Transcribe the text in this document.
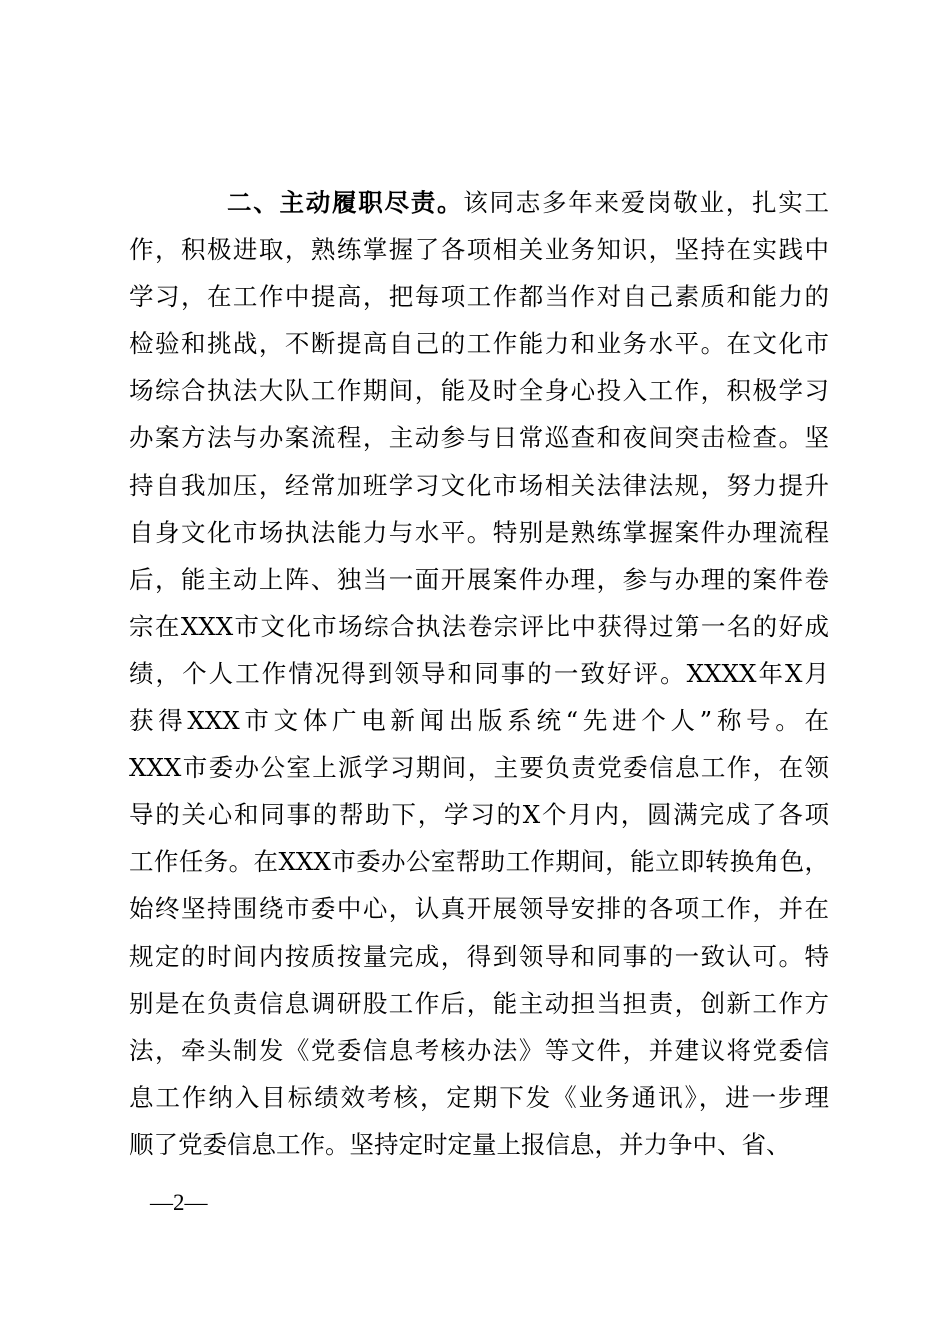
二、主动履职尽责。该同志多年来爱岗敬业，扎实工
作，积极进取，熟练掌握了各项相关业务知识，坚持在实践中
学习，在工作中提高，把每项工作都当作对自己素质和能力的
检验和挑战，不断提高自己的工作能力和业务水平。在文化市
场综合执法大队工作期间，能及时全身心投入工作，积极学习
办案方法与办案流程，主动参与日常巡查和夜间突击检查。坚
持自我加压，经常加班学习文化市场相关法律法规，努力提升
自身文化市场执法能力与水平。特别是熟练掌握案件办理流程
后，能主动上阵、独当一面开展案件办理，参与办理的案件卷
宗在XXX市文化市场综合执法卷宗评比中获得过第一名的好成
绩，个人工作情况得到领导和同事的一致好评。XXXX年X月
获得XXX市文体广电新闻出版系统“先进个人”称号。在
XXX市委办公室上派学习期间，主要负责党委信息工作，在领
导的关心和同事的帮助下，学习的X个月内，圆满完成了各项
工作任务。在XXX市委办公室帮助工作期间，能立即转换角色，
始终坚持围绕市委中心，认真开展领导安排的各项工作，并在
规定的时间内按质按量完成，得到领导和同事的一致认可。特
别是在负责信息调研股工作后，能主动担当担责，创新工作方
法，牵头制发《党委信息考核办法》等文件，并建议将党委信
息工作纳入目标绩效考核，定期下发《业务通讯》，进一步理
顺了党委信息工作。坚持定时定量上报信息，并力争中、省、
—2—
